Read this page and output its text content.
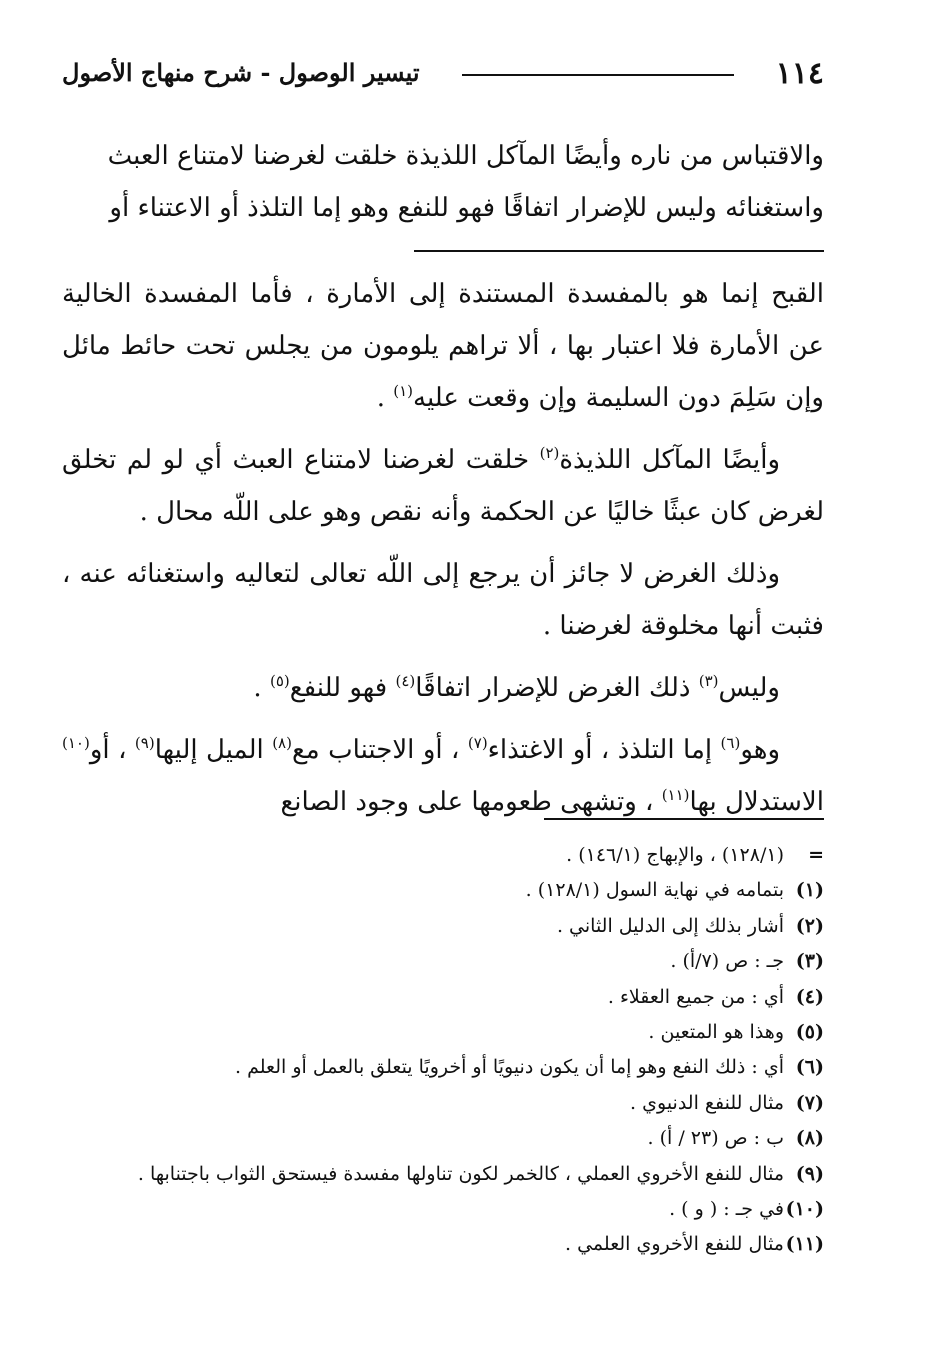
١١٤
تيسير الوصول - شرح منهاج الأصول

والاقتباس من ناره وأيضًا المآكل اللذيذة خلقت لغرضنا لامتناع العبث

واستغنائه وليس للإضرار اتفاقًا فهو للنفع وهو إما التلذذ أو الاعتناء أو

القبح إنما هو بالمفسدة المستندة إلى الأمارة ، فأما المفسدة الخالية عن الأمارة فلا اعتبار بها ، ألا تراهم يلومون من يجلس تحت حائط مائل وإن سَلِمَ دون السليمة وإن وقعت عليه$^{(١)}$ .

وأيضًا المآكل اللذيذة$^{(٢)}$ خلقت لغرضنا لامتناع العبث أي لو لم تخلق لغرض كان عبثًا خاليًا عن الحكمة وأنه نقص وهو على اللّه محال .

وذلك الغرض لا جائز أن يرجع إلى اللّه تعالى لتعاليه واستغنائه عنه ، فثبت أنها مخلوقة لغرضنا .

وليس$^{(٣)}$ ذلك الغرض للإضرار اتفاقًا$^{(٤)}$ فهو للنفع$^{(٥)}$ .

وهو$^{(٦)}$ إما التلذذ ، أو الاغتذاء$^{(٧)}$ ، أو الاجتناب مع$^{(٨)}$ الميل إليها$^{(٩)}$ ، أو$^{(١٠)}$ الاستدلال بها$^{(١١)}$ ، وتشهى طعومها على وجود الصانع

=(١٢٨/١) ، والإبهاج (١٤٦/١) .
(١)بتمامه في نهاية السول (١٢٨/١) .
(٢)أشار بذلك إلى الدليل الثاني .
(٣)جـ : ص (٧/أ) .
(٤)أي : من جميع العقلاء .
(٥)وهذا هو المتعين .
(٦)أي : ذلك النفع وهو إما أن يكون دنيويًا أو أخرويًا يتعلق بالعمل أو العلم .
(٧)مثال للنفع الدنيوي .
(٨)ب : ص (٢٣ / أ) .
(٩)مثال للنفع الأخروي العملي ، كالخمر لكون تناولها مفسدة فيستحق الثواب باجتنابها .
(١٠)في جـ : ( و ) .
(١١)مثال للنفع الأخروي العلمي .
